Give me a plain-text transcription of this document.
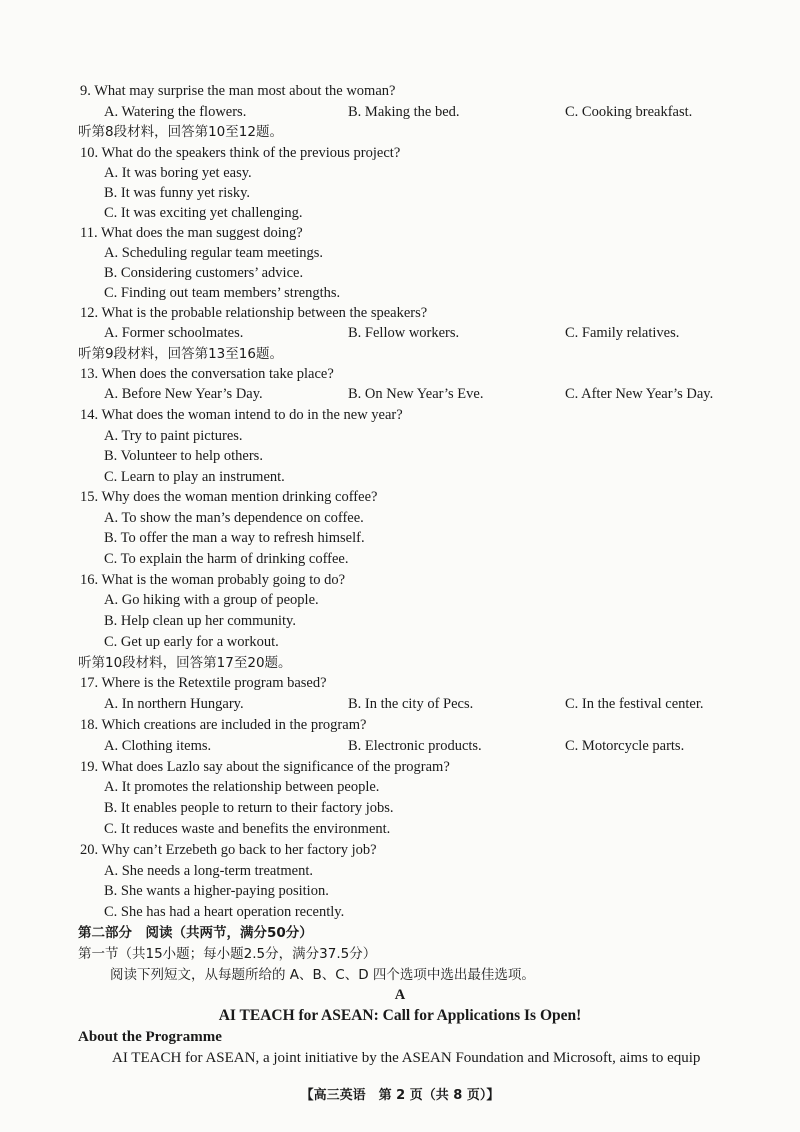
9. What may surprise the man most about the woman?
A. Watering the flowers.	B. Making the bed.	C. Cooking breakfast.
听第8段材料，回答第10至12题。
10. What do the speakers think of the previous project?
A. It was boring yet easy.
B. It was funny yet risky.
C. It was exciting yet challenging.
11. What does the man suggest doing?
A. Scheduling regular team meetings.
B. Considering customers’ advice.
C. Finding out team members’ strengths.
12. What is the probable relationship between the speakers?
A. Former schoolmates.	B. Fellow workers.	C. Family relatives.
听第9段材料，回答第13至16题。
13. When does the conversation take place?
A. Before New Year’s Day.	B. On New Year’s Eve.	C. After New Year’s Day.
14. What does the woman intend to do in the new year?
A. Try to paint pictures.
B. Volunteer to help others.
C. Learn to play an instrument.
15. Why does the woman mention drinking coffee?
A. To show the man’s dependence on coffee.
B. To offer the man a way to refresh himself.
C. To explain the harm of drinking coffee.
16. What is the woman probably going to do?
A. Go hiking with a group of people.
B. Help clean up her community.
C. Get up early for a workout.
听第10段材料，回答第17至20题。
17. Where is the Retextile program based?
A. In northern Hungary.	B. In the city of Pecs.	C. In the festival center.
18. Which creations are included in the program?
A. Clothing items.	B. Electronic products.	C. Motorcycle parts.
19. What does Lazlo say about the significance of the program?
A. It promotes the relationship between people.
B. It enables people to return to their factory jobs.
C. It reduces waste and benefits the environment.
20. Why can’t Erzebeth go back to her factory job?
A. She needs a long-term treatment.
B. She wants a higher-paying position.
C. She has had a heart operation recently.
第二部分　阅读（共两节，满分50分）
第一节（共15小题；每小题2.5分，满分37.5分）
阅读下列短文，从每题所给的 A、B、C、D 四个选项中选出最佳选项。
A
AI TEACH for ASEAN: Call for Applications Is Open!
About the Programme
AI TEACH for ASEAN, a joint initiative by the ASEAN Foundation and Microsoft, aims to equip
【高三英语　第 2 页（共 8 页）】
